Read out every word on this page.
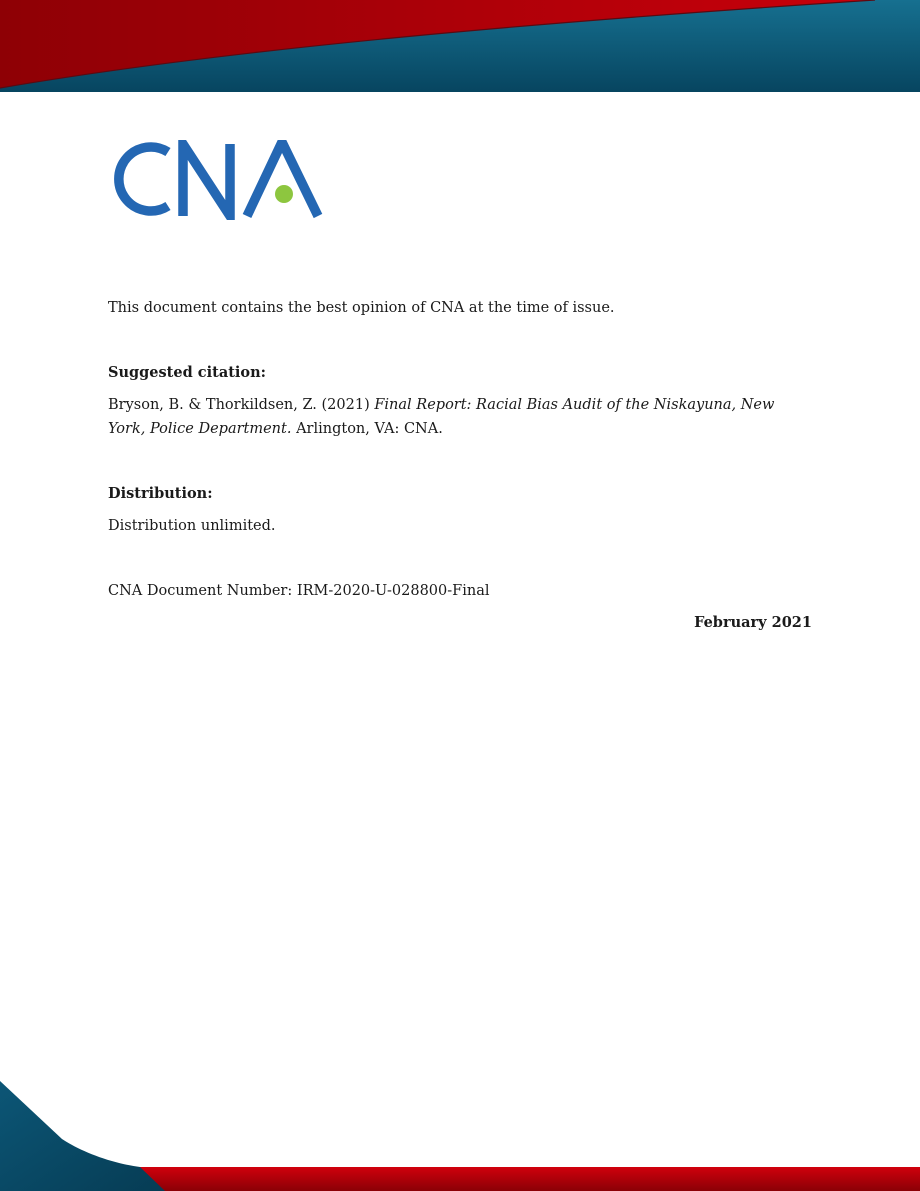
This document contains the best opinion of CNA at the time of issue.

Suggested citation:

Bryson, B. & Thorkildsen, Z. (2021) Final Report: Racial Bias Audit of the Niskayuna, New York, Police Department. Arlington, VA: CNA.

Distribution:

Distribution unlimited.

CNA Document Number: IRM-2020-U-028800-Final

February 2021
